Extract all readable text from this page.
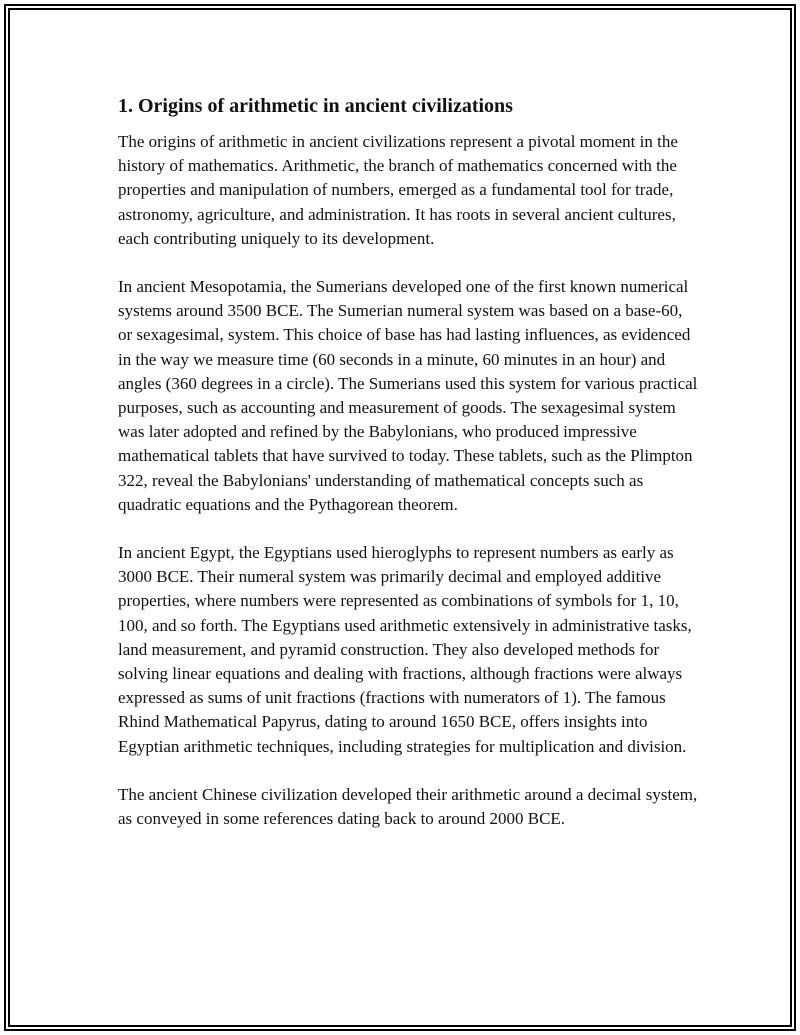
1. Origins of arithmetic in ancient civilizations

The origins of arithmetic in ancient civilizations represent a pivotal moment in the history of mathematics. Arithmetic, the branch of mathematics concerned with the properties and manipulation of numbers, emerged as a fundamental tool for trade, astronomy, agriculture, and administration. It has roots in several ancient cultures, each contributing uniquely to its development.

In ancient Mesopotamia, the Sumerians developed one of the first known numerical systems around 3500 BCE. The Sumerian numeral system was based on a base-60, or sexagesimal, system. This choice of base has had lasting influences, as evidenced in the way we measure time (60 seconds in a minute, 60 minutes in an hour) and angles (360 degrees in a circle). The Sumerians used this system for various practical purposes, such as accounting and measurement of goods. The sexagesimal system was later adopted and refined by the Babylonians, who produced impressive mathematical tablets that have survived to today. These tablets, such as the Plimpton 322, reveal the Babylonians' understanding of mathematical concepts such as quadratic equations and the Pythagorean theorem.

In ancient Egypt, the Egyptians used hieroglyphs to represent numbers as early as 3000 BCE. Their numeral system was primarily decimal and employed additive properties, where numbers were represented as combinations of symbols for 1, 10, 100, and so forth. The Egyptians used arithmetic extensively in administrative tasks, land measurement, and pyramid construction. They also developed methods for solving linear equations and dealing with fractions, although fractions were always expressed as sums of unit fractions (fractions with numerators of 1). The famous Rhind Mathematical Papyrus, dating to around 1650 BCE, offers insights into Egyptian arithmetic techniques, including strategies for multiplication and division.

The ancient Chinese civilization developed their arithmetic around a decimal system, as conveyed in some references dating back to around 2000 BCE.
